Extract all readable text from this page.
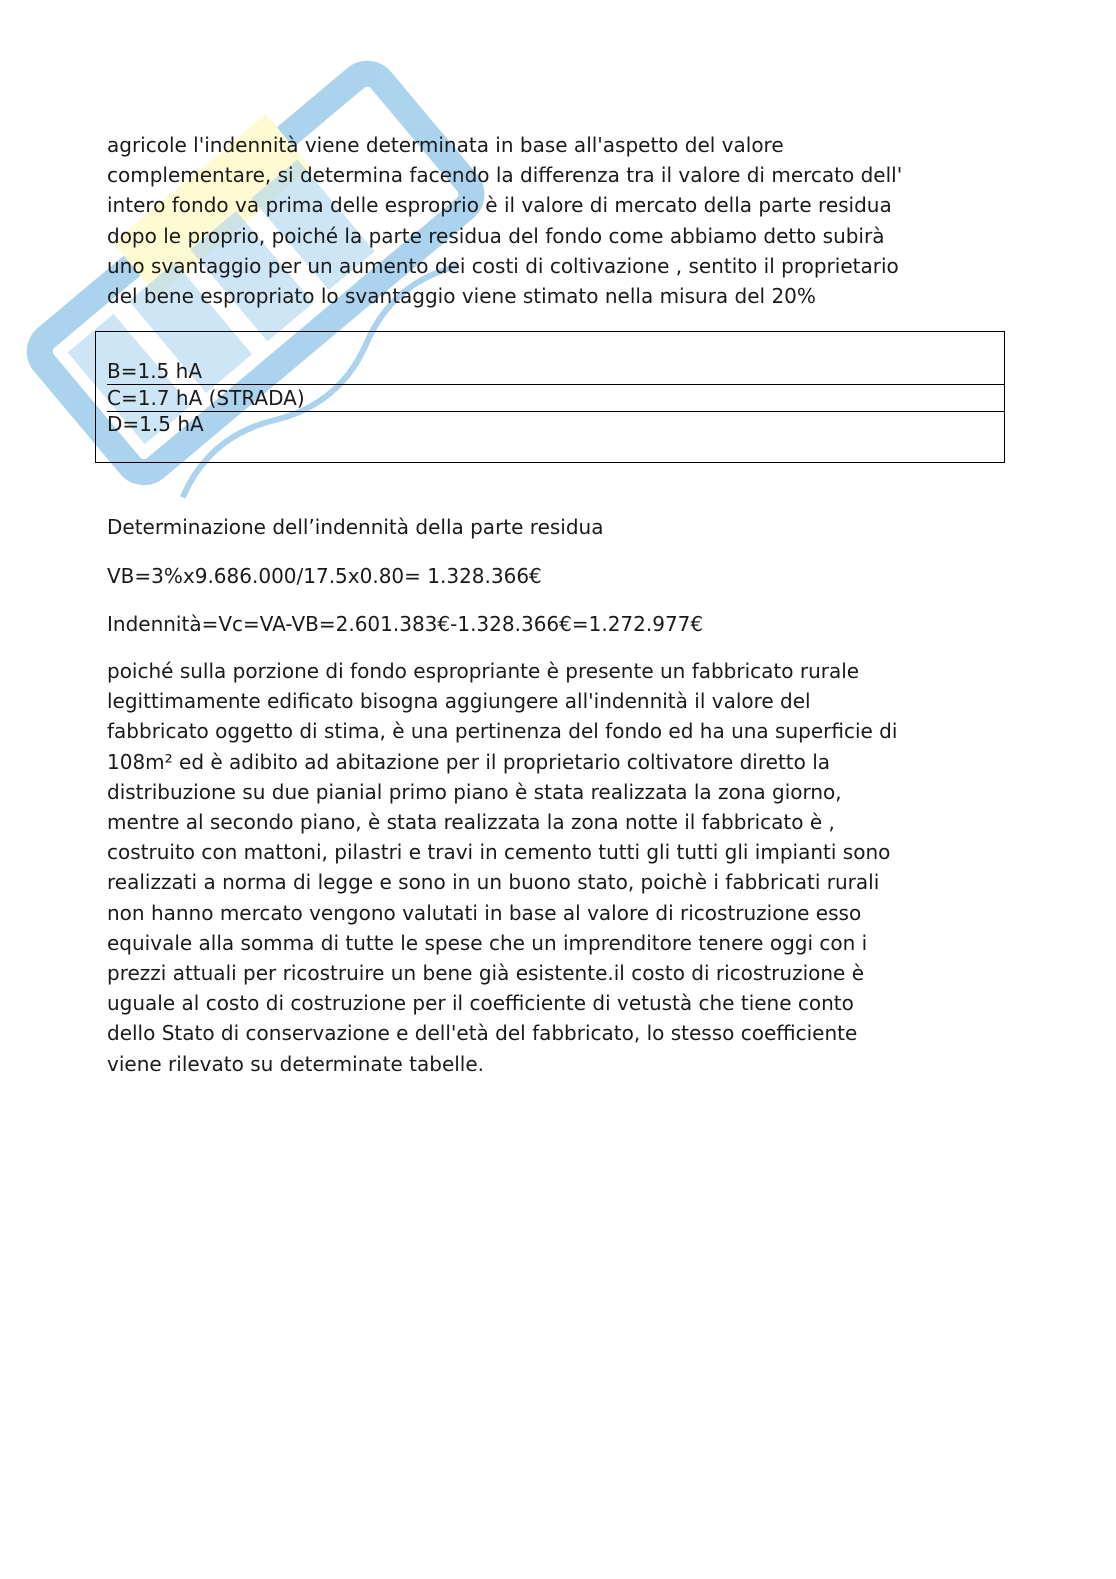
agricole l'indennità viene determinata in base all'aspetto del valore
complementare, si determina facendo la differenza tra il valore di mercato dell'
intero fondo va prima delle esproprio è il valore di mercato della parte residua
dopo le proprio, poiché la parte residua del fondo come abbiamo detto subirà
uno svantaggio per un aumento dei costi di coltivazione , sentito il proprietario
del bene espropriato lo svantaggio viene stimato nella misura del 20%
B=1.5 hA
C=1.7 hA (STRADA)
D=1.5 hA
Determinazione dell’indennità della parte residua
VB=3%x9.686.000/17.5x0.80= 1.328.366€
Indennità=Vc=VA-VB=2.601.383€-1.328.366€=1.272.977€
poiché sulla porzione di fondo espropriante è presente un fabbricato rurale
legittimamente edificato bisogna aggiungere all'indennità il valore del
fabbricato oggetto di stima, è una pertinenza del fondo ed ha una superficie di
108m² ed è adibito ad abitazione per il proprietario coltivatore diretto la
distribuzione su due pianial primo piano è stata realizzata la zona giorno,
mentre al secondo piano, è stata realizzata la zona notte il fabbricato è ,
costruito con mattoni, pilastri e travi in cemento tutti gli tutti gli impianti sono
realizzati a norma di legge e sono in un buono stato, poichè i fabbricati rurali
non hanno mercato vengono valutati in base al valore di ricostruzione esso
equivale alla somma di tutte le spese che un imprenditore tenere oggi con i
prezzi attuali per ricostruire un bene già esistente.il costo di ricostruzione è
uguale al costo di costruzione per il coefficiente di vetustà che tiene conto
dello Stato di conservazione e dell'età del fabbricato, lo stesso coefficiente
viene rilevato su determinate tabelle.
